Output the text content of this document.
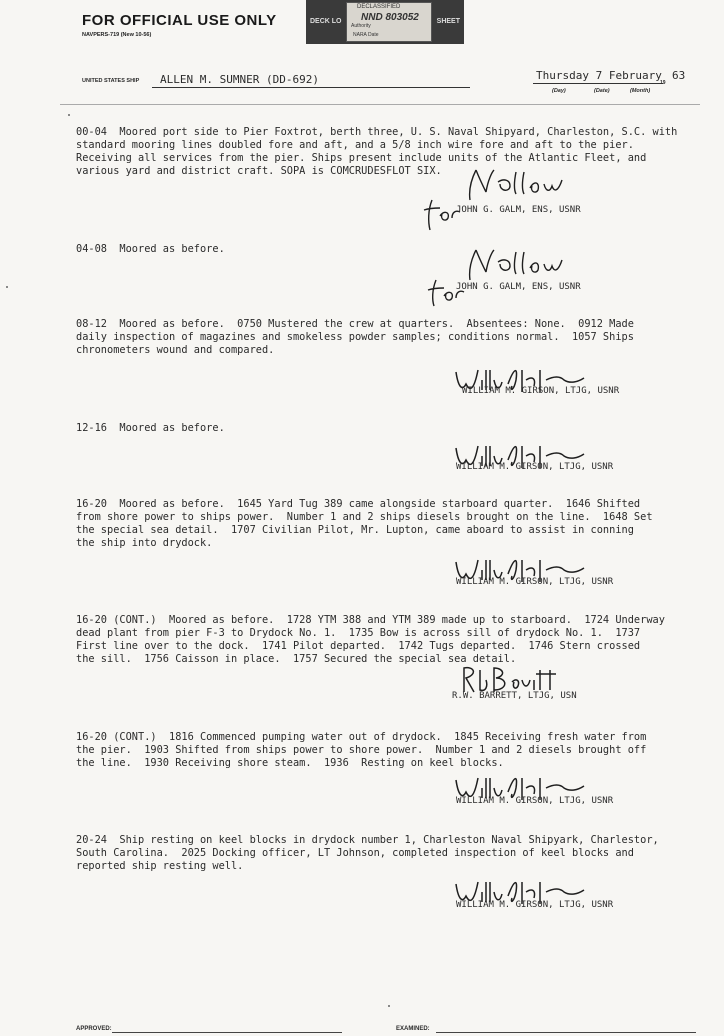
FOR OFFICIAL USE ONLY
NAVPERS-719 (New 10-56)
DECK LO
DECLASSIFIED
NND 803052
Authority
NARA Date
SHEET
UNITED STATES SHIP ALLEN M. SUMNER (DD-692)	Thursday 7 February
19
63
(Day)	(Date)	(Month)
00-04  Moored port side to Pier Foxtrot, berth three, U. S. Naval Shipyard, Charleston, S.C. with
standard mooring lines doubled fore and aft, and a 5/8 inch wire fore and aft to the pier.
Receiving all services from the pier. Ships present include units of the Atlantic Fleet, and
various yard and district craft. SOPA is COMCRUDESFLOT SIX.
JOHN G. GALM, ENS, USNR
04-08  Moored as before.
JOHN G. GALM, ENS, USNR
08-12  Moored as before.  0750 Mustered the crew at quarters.  Absentees: None.  0912 Made
daily inspection of magazines and smokeless powder samples; conditions normal.  1057 Ships
chronometers wound and compared.
WILLIAM M. GIRSON, LTJG, USNR
12-16  Moored as before.
WILLIAM M. GIRSON, LTJG, USNR
16-20  Moored as before.  1645 Yard Tug 389 came alongside starboard quarter.  1646 Shifted
from shore power to ships power.  Number 1 and 2 ships diesels brought on the line.  1648 Set
the special sea detail.  1707 Civilian Pilot, Mr. Lupton, came aboard to assist in conning
the ship into drydock.
WILLIAM M. GIRSON, LTJG, USNR
16-20 (CONT.)  Moored as before.  1728 YTM 388 and YTM 389 made up to starboard.  1724 Underway
dead plant from pier F-3 to Drydock No. 1.  1735 Bow is across sill of drydock No. 1.  1737
First line over to the dock.  1741 Pilot departed.  1742 Tugs departed.  1746 Stern crossed
the sill.  1756 Caisson in place.  1757 Secured the special sea detail.
R.W. BARRETT, LTJG, USN
16-20 (CONT.)  1816 Commenced pumping water out of drydock.  1845 Receiving fresh water from
the pier.  1903 Shifted from ships power to shore power.  Number 1 and 2 diesels brought off
the line.  1930 Receiving shore steam.  1936  Resting on keel blocks.
WILLIAM M. GIRSON, LTJG, USNR
20-24  Ship resting on keel blocks in drydock number 1, Charleston Naval Shipyark, Charlestor,
South Carolina.  2025 Docking officer, LT Johnson, completed inspection of keel blocks and
reported ship resting well.
WILLIAM M. GIRSON, LTJG, USNR
APPROVED:	EXAMINED:
